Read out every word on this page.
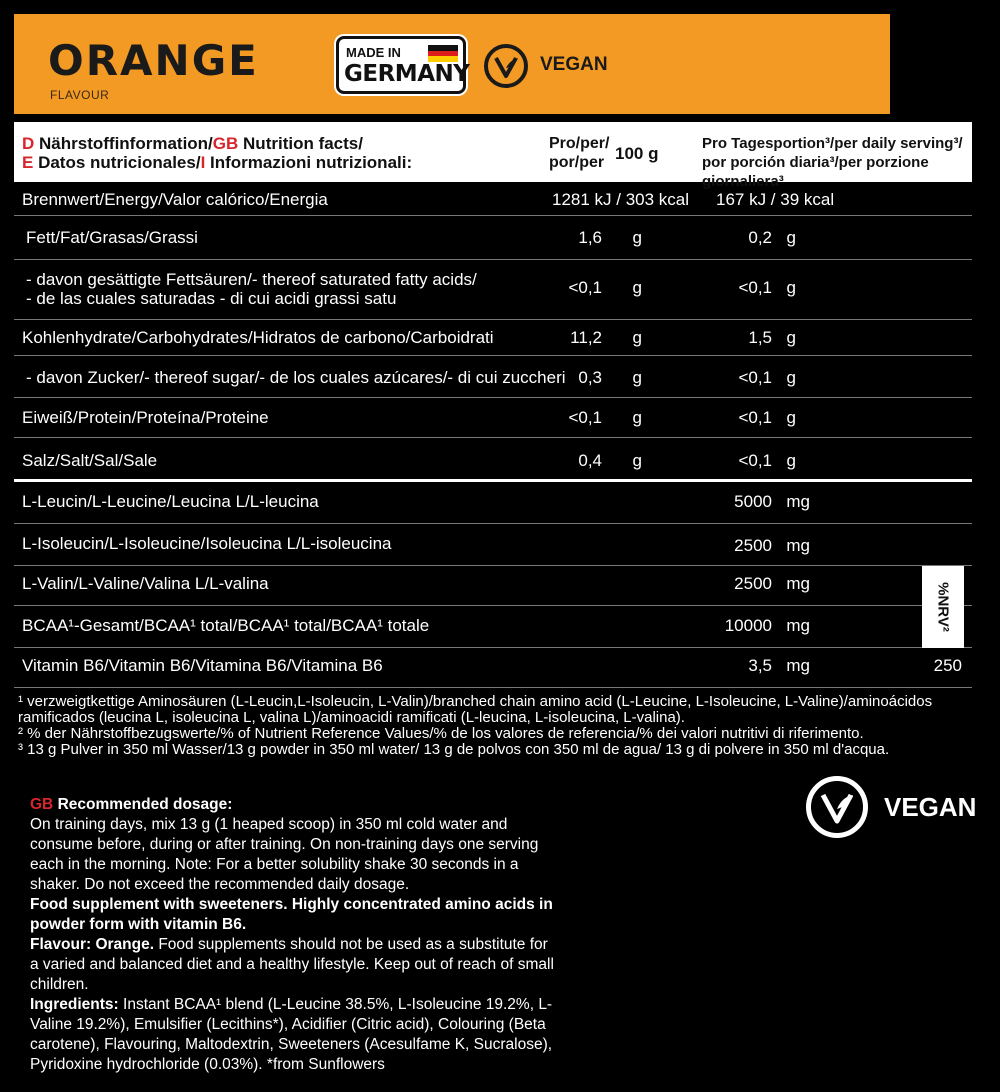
ORANGE
FLAVOUR
MADE IN
GERMANY	VEGAN
D Nährstoffinformation/GB Nutrition facts/
E Datos nutricionales/I Informazioni nutrizionali:
Pro/per/
por/per 100 g
Pro Tagesportion³/per daily serving³/
por porción diaria³/per porzione giornaliera³
Brennwert/Energy/Valor calórico/Energia	1281 kJ / 303 kcal 167 kJ / 39 kcal
Fett/Fat/Grasas/Grassi	1,6 g	0,2 g
- davon gesättigte Fettsäuren/- thereof saturated fatty acids/
- de las cuales saturadas - di cui acidi grassi satu
<0,1 g	<0,1 g
Kohlenhydrate/Carbohydrates/Hidratos de carbono/Carboidrati	11,2 g	1,5 g
- davon Zucker/- thereof sugar/- de los cuales azúcares/- di cui zuccheri 0,3 g	<0,1 g
Eiweiß/Protein/Proteína/Proteine	<0,1 g	<0,1 g
Salz/Salt/Sal/Sale	0,4 g	<0,1 g
L-Leucin/L-Leucine/Leucina L/L-leucina	5000 mg
L-Isoleucin/L-Isoleucine/Isoleucina L/L-isoleucina	2500 mg
L-Valin/L-Valine/Valina L/L-valina	2500 mg
BCAA¹-Gesamt/BCAA¹ total/BCAA¹ total/BCAA¹ totale	10000 mg
Vitamin B6/Vitamin B6/Vitamina B6/Vitamina B6	3,5 mg	250
%NRV²
¹ verzweigtkettige Aminosäuren (L-Leucin,L-Isoleucin, L-Valin)/branched chain amino acid (L-Leucine, L-Isoleucine, L-Valine)/aminoácidos ramificados (leucina L, isoleucina L, valina L)/aminoacidi ramificati (L-leucina, L-isoleucina, L-valina).
² % der Nährstoffbezugswerte/% of Nutrient Reference Values/% de los valores de referencia/% dei valori nutritivi di riferimento.
³ 13 g Pulver in 350 ml Wasser/13 g powder in 350 ml water/ 13 g de polvos con 350 ml de agua/ 13 g di polvere in 350 ml d'acqua.
GB Recommended dosage:
On training days, mix 13 g (1 heaped scoop) in 350 ml cold water and consume before, during or after training. On non-training days one serving each in the morning. Note: For a better solubility shake 30 seconds in a shaker. Do not exceed the recommended daily dosage.
Food supplement with sweeteners. Highly concentrated amino acids in powder form with vitamin B6.
Flavour: Orange. Food supplements should not be used as a substitute for a varied and balanced diet and a healthy lifestyle. Keep out of reach of small children.
Ingredients: Instant BCAA¹ blend (L-Leucine 38.5%, L-Isoleucine 19.2%, L-Valine 19.2%), Emulsifier (Lecithins*), Acidifier (Citric acid), Colouring (Beta carotene), Flavouring, Maltodextrin, Sweeteners (Acesulfame K, Sucralose), Pyridoxine hydrochloride (0.03%). *from Sunflowers
VEGAN
